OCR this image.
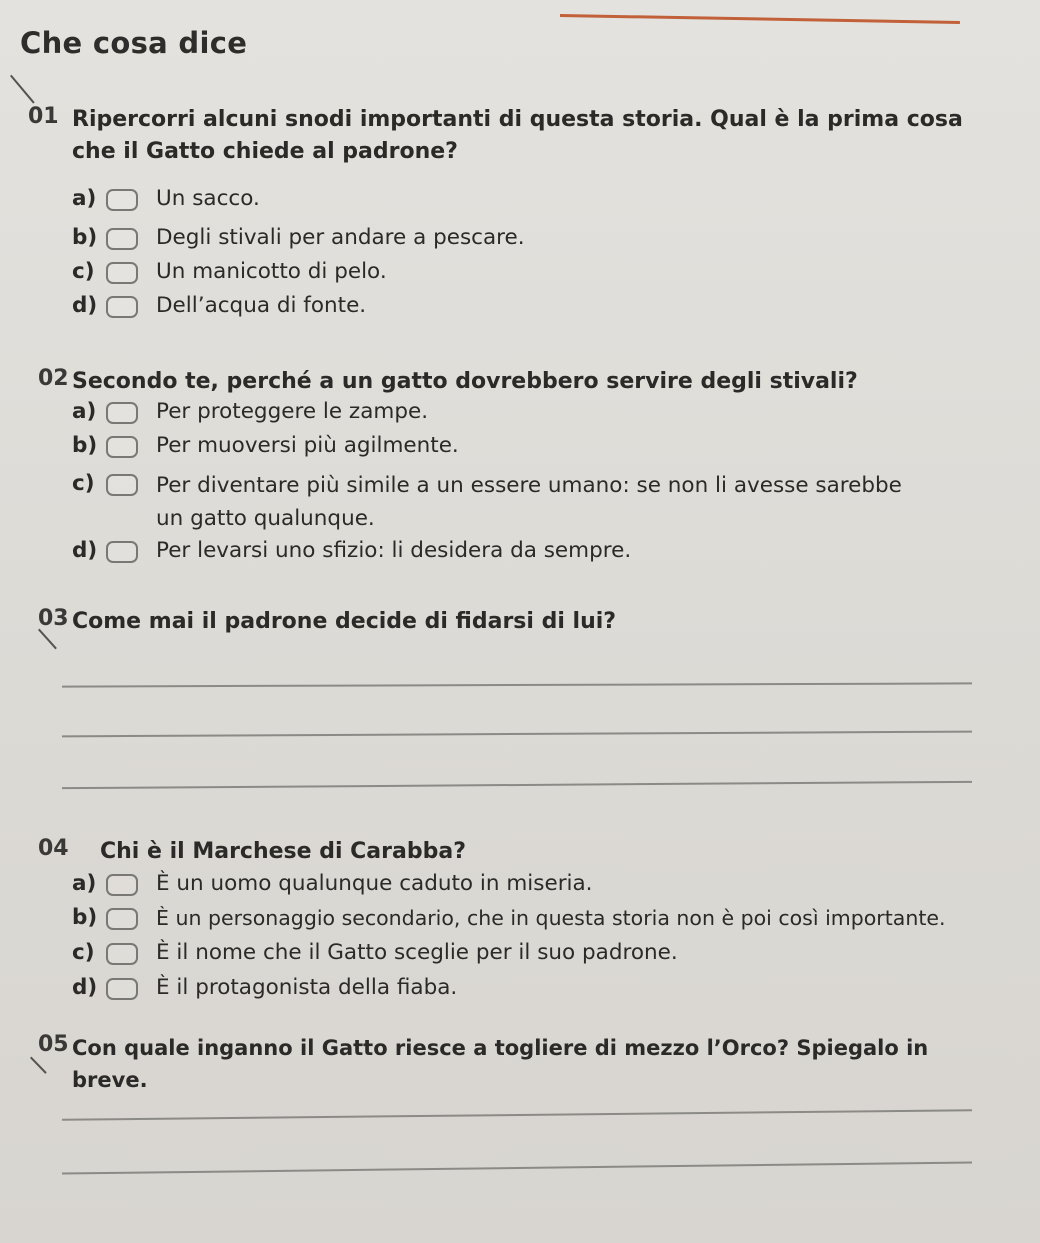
Che cosa dice
01 Ripercorri alcuni snodi importanti di questa storia. Qual è la prima cosa che il Gatto chiede al padrone?

a)	Un sacco.
b)	Degli stivali per andare a pescare.
c)	Un manicotto di pelo.
d)	Dell’acqua di fonte.
02 Secondo te, perché a un gatto dovrebbero servire degli stivali?

a)	Per proteggere le zampe.
b)	Per muoversi più agilmente.
c)	Per diventare più simile a un essere umano: se non li avesse sarebbe un gatto qualunque.
d)	Per levarsi uno sfizio: li desidera da sempre.
03 Come mai il padrone decide di fidarsi di lui?

04 Chi è il Marchese di Carabba?

a)	È un uomo qualunque caduto in miseria.
b)	È un personaggio secondario, che in questa storia non è poi così importante.
c)	È il nome che il Gatto sceglie per il suo padrone.
d)	È il protagonista della fiaba.
05 Con quale inganno il Gatto riesce a togliere di mezzo l’Orco? Spiegalo in breve.
